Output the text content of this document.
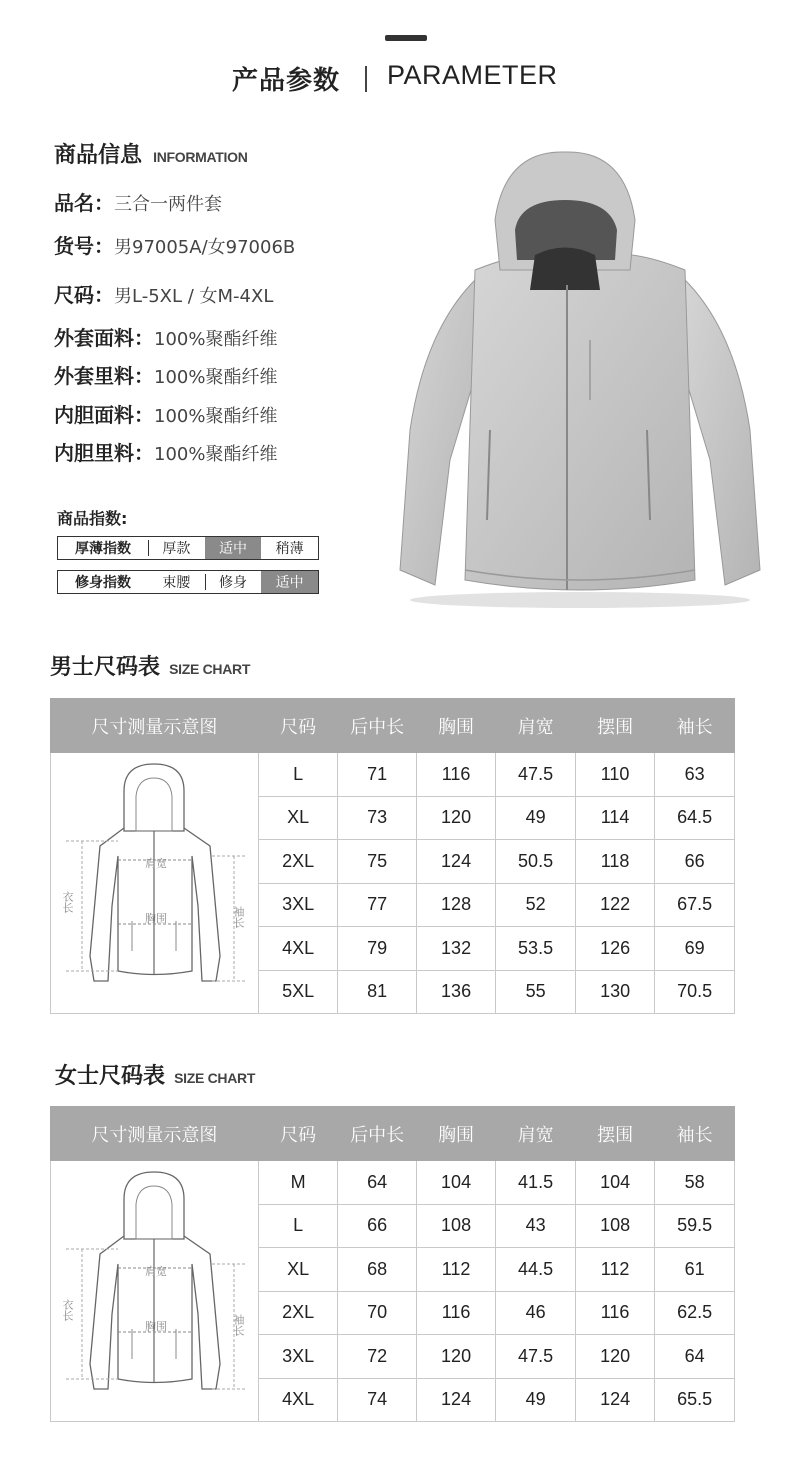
产品参数 PARAMETER
商品信息 INFORMATION
品名：三合一两件套
货号：男97005A/女97006B
尺码：男L-5XL / 女M-4XL
外套面料：100%聚酯纤维
外套里料：100%聚酯纤维
内胆面料：100%聚酯纤维
内胆里料：100%聚酯纤维
商品指数:
厚薄指数	厚款	适中	稍薄
修身指数	束腰	修身	适中
男士尺码表 SIZE CHART
尺寸测量示意图	尺码	后中长	胸围	肩宽	摆围	袖长

肩宽
胸围
衣长
袖长	L	71	116	47.5	110	63
	XL	73	120	49	114	64.5
	2XL	75	124	50.5	118	66
	3XL	77	128	52	122	67.5
	4XL	79	132	53.5	126	69
	5XL	81	136	55	130	70.5
女士尺码表 SIZE CHART
尺寸测量示意图	尺码	后中长	胸围	肩宽	摆围	袖长

肩宽
胸围
衣长
袖长	M	64	104	41.5	104	58
	L	66	108	43	108	59.5
	XL	68	112	44.5	112	61
	2XL	70	116	46	116	62.5
	3XL	72	120	47.5	120	64
	4XL	74	124	49	124	65.5
